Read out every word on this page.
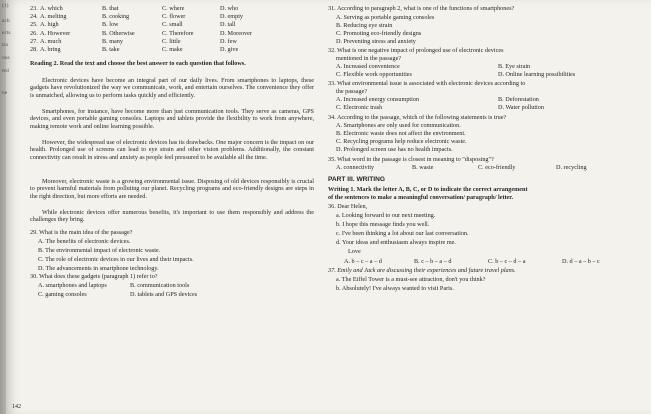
(1)
ach
ects
tra
ons
ted
ne
23. A. which	B. that	C. where	D. who
24. A. melting	B. cooking	C. flower	D. empty
25. A. high	B. low	C. small	D. tall
26. A. However	B. Otherwise	C. Therefore	D. Moreover
27. A. much	B. many	C. little	D. few
28. A. bring	B. take	C. make	D. give
Reading 2. Read the text and choose the best answer to each question that follows.
Electronic devices have become an integral part of our daily lives. From smartphones to laptops, these gadgets have revolutionized the way we communicate, work, and entertain ourselves. The convenience they offer is unmatched, allowing us to perform tasks quickly and efficiently.
Smartphones, for instance, have become more than just communication tools. They serve as cameras, GPS devices, and even portable gaming consoles. Laptops and tablets provide the flexibility to work from anywhere, making remote work and online learning possible.
However, the widespread use of electronic devices has its drawbacks. One major concern is the impact on our health. Prolonged use of screens can lead to eye strain and other vision problems. Additionally, the constant connectivity can result in stress and anxiety as people feel pressured to be available all the time.
Moreover, electronic waste is a growing environmental issue. Disposing of old devices responsibly is crucial to prevent harmful materials from polluting our planet. Recycling programs and eco-friendly designs are steps in the right direction, but more efforts are needed.
While electronic devices offer numerous benefits, it's important to use them responsibly and address the challenges they bring.
29. What is the main idea of the passage?
A. The benefits of electronic devices.
B. The environmental impact of electronic waste.
C. The role of electronic devices in our lives and their impacts.
D. The advancements in smartphone technology.
30. What does these gadgets (paragraph 1) refer to?
A. smartphones and laptops	B. communication tools
C. gaming consoles	D. tablets and GPS devices
142
31. According to paragraph 2, what is one of the functions of smartphones?
A. Serving as portable gaming consoles
B. Reducing eye strain
C. Promoting eco-friendly designs
D. Preventing stress and anxiety
32. What is one negative impact of prolonged use of electronic devices
mentioned in the passage?
A. Increased convenience	B. Eye strain
C. Flexible work opportunities	D. Online learning possibilities
33. What environmental issue is associated with electronic devices according to
the passage?
A. Increased energy consumption	B. Deforestation
C. Electronic trash	D. Water pollution
34. According to the passage, which of the following statements is true?
A. Smartphones are only used for communication.
B. Electronic waste does not affect the environment.
C. Recycling programs help reduce electronic waste.
D. Prolonged screen use has no health impacts.
35. What word in the passage is closest in meaning to "disposing"?
A. connectivity	B. waste	C. eco-friendly	D. recycling
PART III. WRITING
Writing 1. Mark the letter A, B, C, or D to indicate the correct arrangement
of the sentences to make a meaningful conversation/ paragraph/ letter.
36. Dear Helen,
a. Looking forward to our next meeting.
b. I hope this message finds you well.
c. I've been thinking a lot about our last conversation.
d. Your ideas and enthusiasm always inspire me.
Love
A. b – c – a – d	B. c – b – a – d	C. b – c – d – a	D. d – a – b – c
37. Emily and Jack are discussing their experiences and future travel plans.
a. The Eiffel Tower is a must-see attraction, don't you think?
b. Absolutely! I've always wanted to visit Paris.
